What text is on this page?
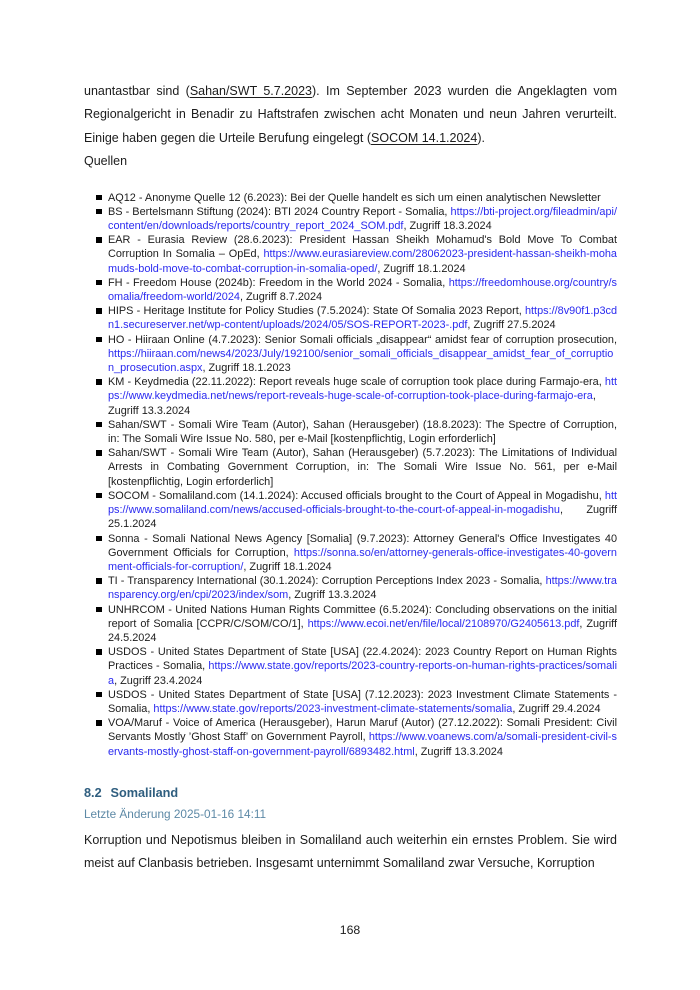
unantastbar sind (Sahan/SWT 5.7.2023). Im September 2023 wurden die Angeklagten vom Regionalgericht in Benadir zu Haftstrafen zwischen acht Monaten und neun Jahren verurteilt. Einige haben gegen die Urteile Berufung eingelegt (SOCOM 14.1.2024).

Quellen

AQ12 - Anonyme Quelle 12 (6.2023): Bei der Quelle handelt es sich um einen analytischen Newsletter
BS - Bertelsmann Stiftung (2024): BTI 2024 Country Report - Somalia, https://bti-project.org/fileadmin/api/content/en/downloads/reports/country_report_2024_SOM.pdf, Zugriff 18.3.2024
EAR - Eurasia Review (28.6.2023): President Hassan Sheikh Mohamud's Bold Move To Combat Corruption In Somalia – OpEd, https://www.eurasiareview.com/28062023-president-hassan-sheikh-mohamuds-bold-move-to-combat-corruption-in-somalia-oped/, Zugriff 18.1.2024
FH - Freedom House (2024b): Freedom in the World 2024 - Somalia, https://freedomhouse.org/country/somalia/freedom-world/2024, Zugriff 8.7.2024
HIPS - Heritage Institute for Policy Studies (7.5.2024): State Of Somalia 2023 Report, https://8v90f1.p3cdn1.secureserver.net/wp-content/uploads/2024/05/SOS-REPORT-2023-.pdf, Zugriff 27.5.2024
HO - Hiiraan Online (4.7.2023): Senior Somali officials „disappear“ amidst fear of corruption prosecution, https://hiiraan.com/news4/2023/July/192100/senior_somali_officials_disappear_amidst_fear_of_corruption_prosecution.aspx, Zugriff 18.1.2023
KM - Keydmedia (22.11.2022): Report reveals huge scale of corruption took place during Farmajo-era, https://www.keydmedia.net/news/report-reveals-huge-scale-of-corruption-took-place-during-farmajo-era, Zugriff 13.3.2024
Sahan/SWT - Somali Wire Team (Autor), Sahan (Herausgeber) (18.8.2023): The Spectre of Corruption, in: The Somali Wire Issue No. 580, per e-Mail [kostenpflichtig, Login erforderlich]
Sahan/SWT - Somali Wire Team (Autor), Sahan (Herausgeber) (5.7.2023): The Limitations of Individual Arrests in Combating Government Corruption, in: The Somali Wire Issue No. 561, per e-Mail [kostenpflichtig, Login erforderlich]
SOCOM - Somaliland.com (14.1.2024): Accused officials brought to the Court of Appeal in Mogadishu, https://www.somaliland.com/news/accused-officials-brought-to-the-court-of-appeal-in-mogadishu, Zugriff 25.1.2024
Sonna - Somali National News Agency [Somalia] (9.7.2023): Attorney General's Office Investigates 40 Government Officials for Corruption, https://sonna.so/en/attorney-generals-office-investigates-40-government-officials-for-corruption/, Zugriff 18.1.2024
TI - Transparency International (30.1.2024): Corruption Perceptions Index 2023 - Somalia, https://www.transparency.org/en/cpi/2023/index/som, Zugriff 13.3.2024
UNHRCOM - United Nations Human Rights Committee (6.5.2024): Concluding observations on the initial report of Somalia [CCPR/C/SOM/CO/1], https://www.ecoi.net/en/file/local/2108970/G2405613.pdf, Zugriff 24.5.2024
USDOS - United States Department of State [USA] (22.4.2024): 2023 Country Report on Human Rights Practices - Somalia, https://www.state.gov/reports/2023-country-reports-on-human-rights-practices/somalia, Zugriff 23.4.2024
USDOS - United States Department of State [USA] (7.12.2023): 2023 Investment Climate Statements - Somalia, https://www.state.gov/reports/2023-investment-climate-statements/somalia, Zugriff 29.4.2024
VOA/Maruf - Voice of America (Herausgeber), Harun Maruf (Autor) (27.12.2022): Somali President: Civil Servants Mostly ’Ghost Staff’ on Government Payroll, https://www.voanews.com/a/somali-president-civil-servants-mostly-ghost-staff-on-government-payroll/6893482.html, Zugriff 13.3.2024
8.2 Somaliland

Letzte Änderung 2025-01-16 14:11

Korruption und Nepotismus bleiben in Somaliland auch weiterhin ein ernstes Problem. Sie wird meist auf Clanbasis betrieben. Insgesamt unternimmt Somaliland zwar Versuche, Korruption

168
